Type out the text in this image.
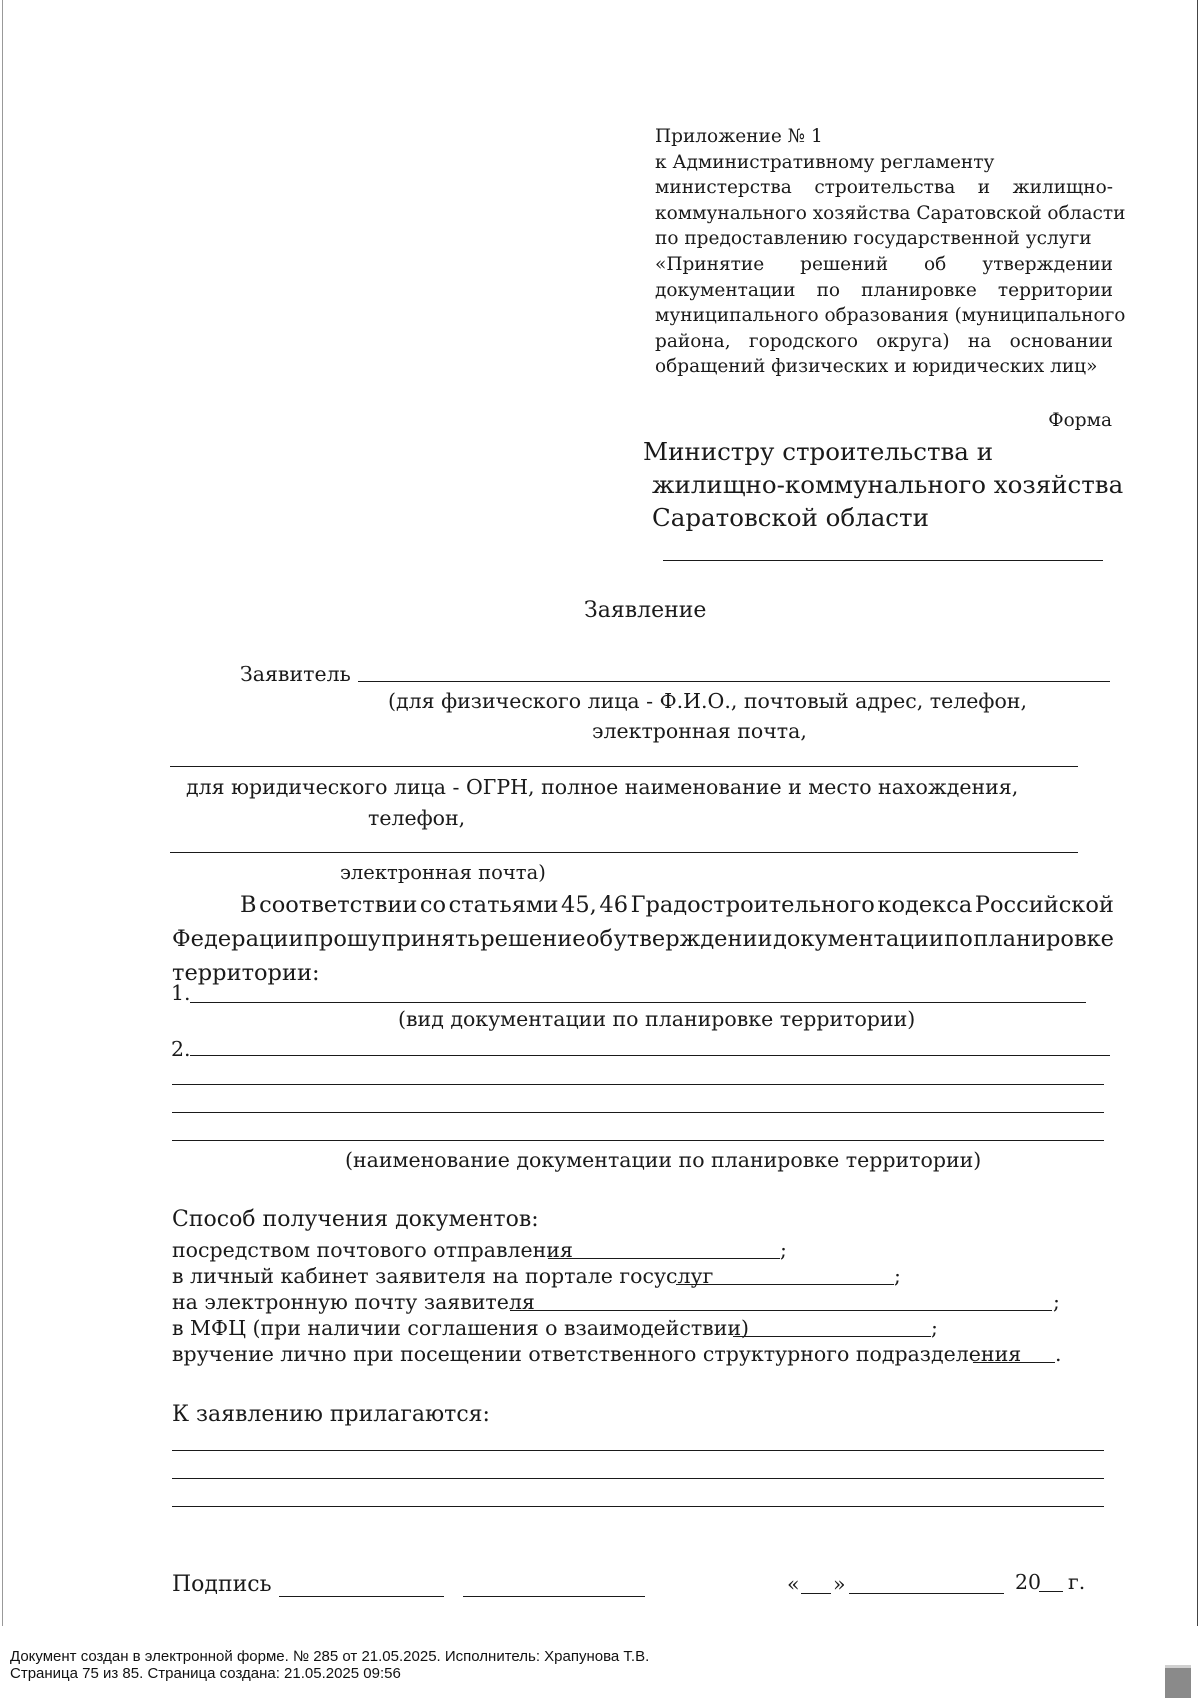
Приложение № 1
к Административному регламенту
министерства строительства и жилищно-
коммунального хозяйства Саратовской области
по предоставлению государственной услуги
«Принятие решений об утверждении
документации по планировке территории
муниципального образования (муниципального
района, городского округа) на основании
обращений физических и юридических лиц»
Форма
Министру строительства и
жилищно-коммунального хозяйства
Саратовской области
Заявление
Заявитель
(для физического лица - Ф.И.О., почтовый адрес, телефон,
электронная почта,
для юридического лица - ОГРН, полное наименование и место нахождения,
телефон,
электронная почта)
В соответствии со статьями 45, 46 Градостроительного кодекса Российской
Федерации прошу принять решение об утверждении документации по планировке
территории:
1.
(вид документации по планировке территории)
2.
(наименование документации по планировке территории)
Способ получения документов:
посредством почтового отправления	;
в личный кабинет заявителя на портале госуслуг	;
на электронную почту заявителя	;
в МФЦ (при наличии соглашения о взаимодействии)	;
вручение лично при посещении ответственного структурного подразделения .
К заявлению прилагаются:
Подпись	« »	20 г.
Документ создан в электронной форме. № 285 от 21.05.2025. Исполнитель: Храпунова Т.В.
Страница 75 из 85. Страница создана: 21.05.2025 09:56
